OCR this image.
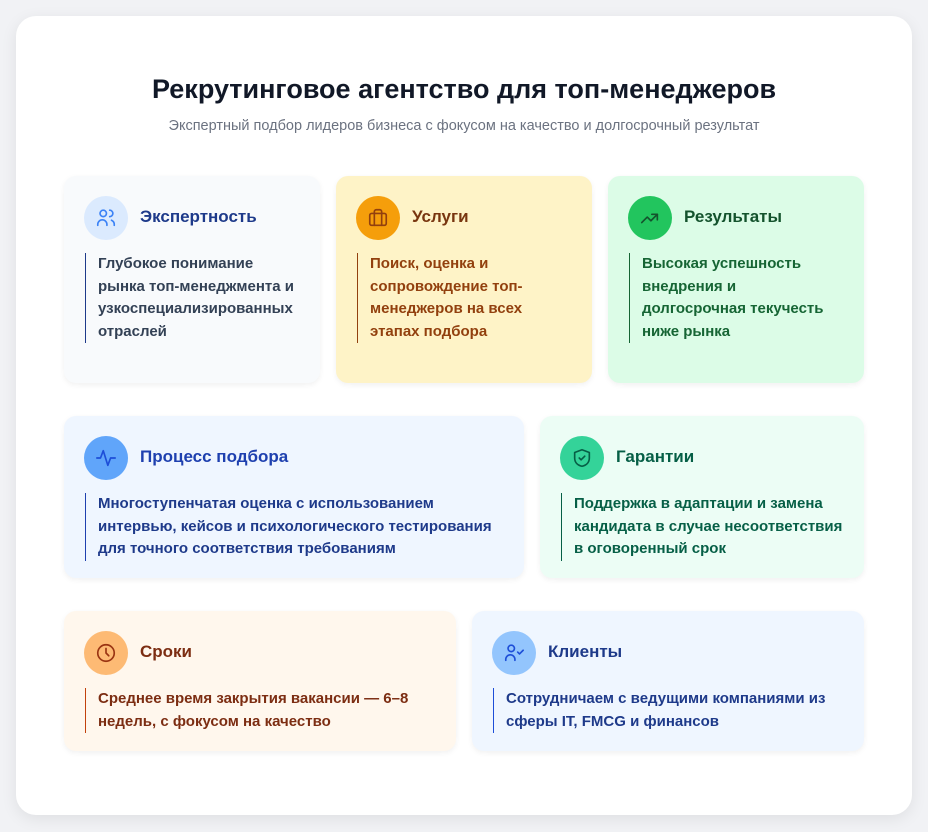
Рекрутинговое агентство для топ-менеджеров

Экспертный подбор лидеров бизнеса с фокусом на качество и долгосрочный результат

Экспертность
Глубокое понимание рынка топ-менеджмента и узкоспециализированных отраслей
Услуги
Поиск, оценка и сопровождение топ-менеджеров на всех этапах подбора
Результаты
Высокая успешность внедрения и долгосрочная текучесть ниже рынка
Процесс подбора
Многоступенчатая оценка с использованием интервью, кейсов и психологического тестирования для точного соответствия требованиям
Гарантии
Поддержка в адаптации и замена кандидата в случае несоответствия в оговоренный срок
Сроки
Среднее время закрытия вакансии — 6–8 недель, с фокусом на качество
Клиенты
Сотрудничаем с ведущими компаниями из сферы IT, FMCG и финансов
